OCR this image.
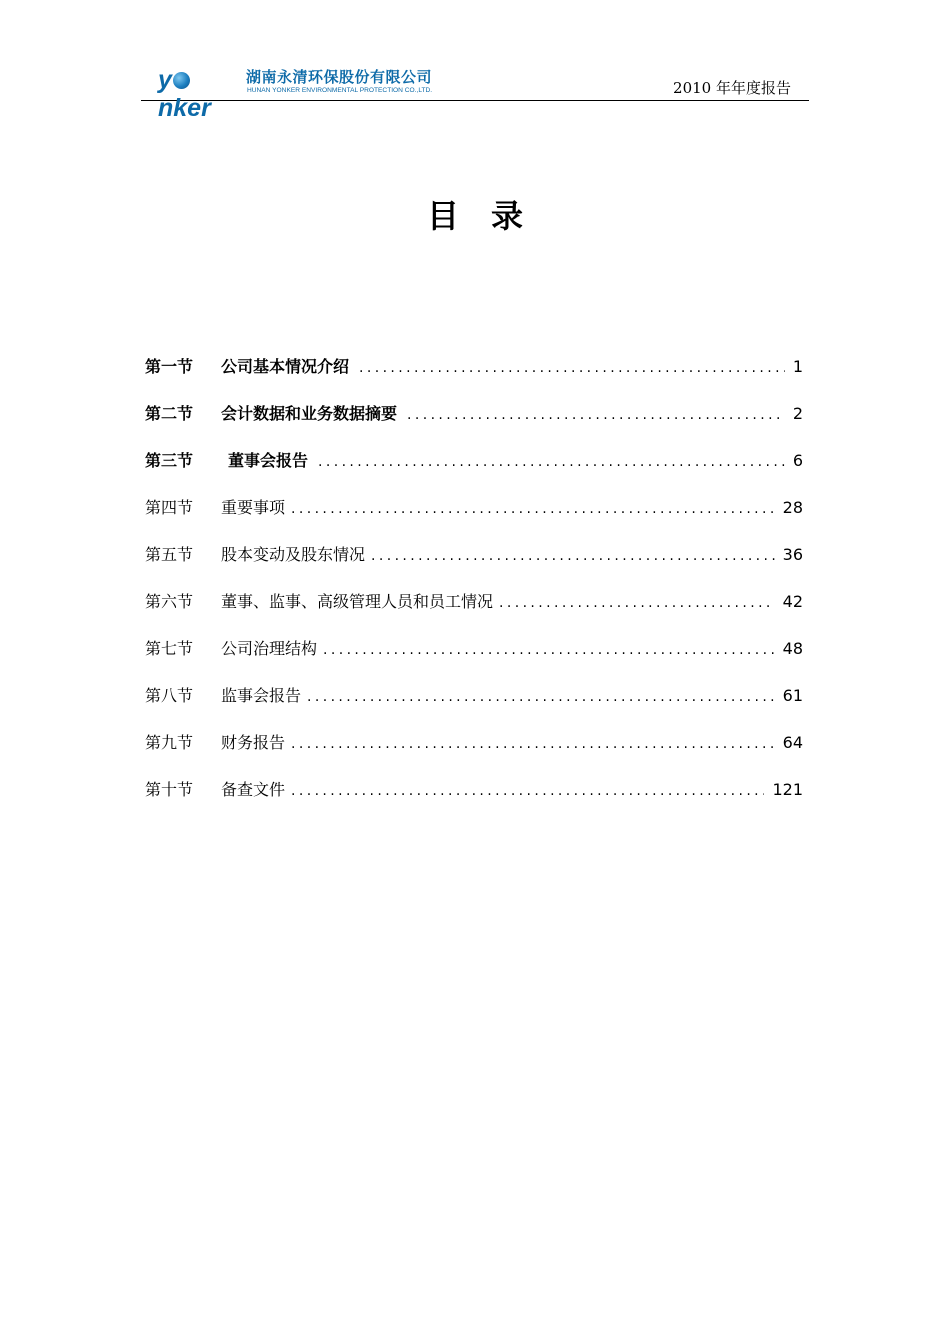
ynker
湖南永清环保股份有限公司
HUNAN YONKER ENVIRONMENTAL PROTECTION CO.,LTD.	2010 年年度报告
目录
第一节	公司基本情况介绍 .....	1
第二节	会计数据和业务数据摘要 .....	2
第三节	董事会报告 .....	6
第四节	重要事项 .....	28
第五节	股本变动及股东情况 .....	36
第六节	董事、监事、高级管理人员和员工情况 .....	42
第七节	公司治理结构 .....	48
第八节	监事会报告 .....	61
第九节	财务报告 .....	64
第十节	备查文件 .....	121
